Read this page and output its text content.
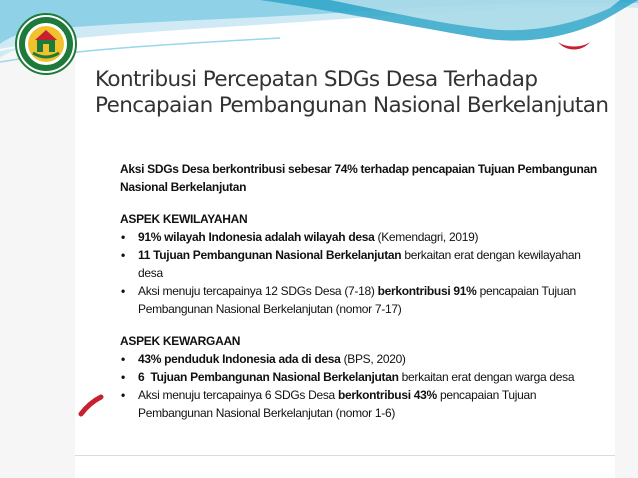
Kontribusi Percepatan SDGs Desa Terhadap
Pencapaian Pembangunan Nasional Berkelanjutan

Aksi SDGs Desa berkontribusi sebesar 74% terhadap pencapaian Tujuan Pembangunan
Nasional Berkelanjutan

ASPEK KEWILAYAHAN

• 91% wilayah Indonesia adalah wilayah desa (Kemendagri, 2019)
• 11 Tujuan Pembangunan Nasional Berkelanjutan berkaitan erat dengan kewilayahan desa
• Aksi menuju tercapainya 12 SDGs Desa (7-18) berkontribusi 91% pencapaian Tujuan
Pembangunan Nasional Berkelanjutan (nomor 7-17)

ASPEK KEWARGAAN

• 43% penduduk Indonesia ada di desa (BPS, 2020)
• 6  Tujuan Pembangunan Nasional Berkelanjutan berkaitan erat dengan warga desa
• Aksi menuju tercapainya 6 SDGs Desa berkontribusi 43% pencapaian Tujuan
Pembangunan Nasional Berkelanjutan (nomor 1-6)
